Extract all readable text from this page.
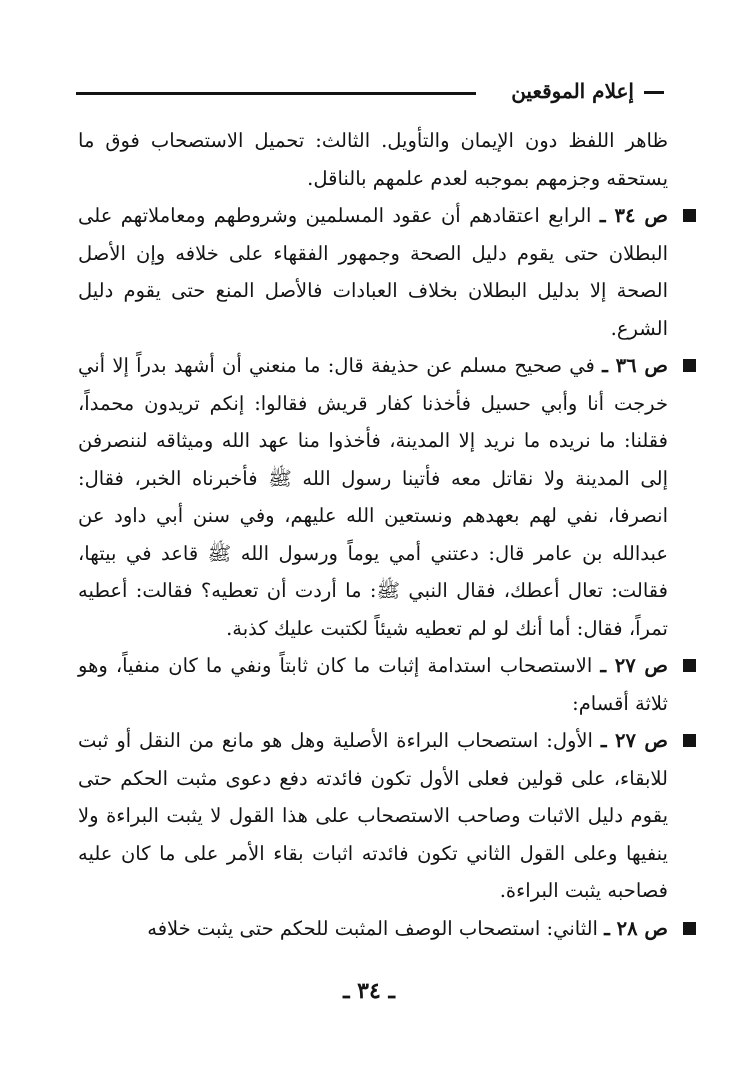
إعلام الموقعين

ظاهر اللفظ دون الإيمان والتأويل. الثالث: تحميل الاستصحاب فوق ما يستحقه وجزمهم بموجبه لعدم علمهم بالناقل.

ص ٣٤ ـ الرابع اعتقادهم أن عقود المسلمين وشروطهم ومعاملاتهم على البطلان حتى يقوم دليل الصحة وجمهور الفقهاء على خلافه وإن الأصل الصحة إلا بدليل البطلان بخلاف العبادات فالأصل المنع حتى يقوم دليل الشرع.

ص ٣٦ ـ في صحيح مسلم عن حذيفة قال: ما منعني أن أشهد بدراً إلا أني خرجت أنا وأبي حسيل فأخذنا كفار قريش فقالوا: إنكم تريدون محمداً، فقلنا: ما نريده ما نريد إلا المدينة، فأخذوا منا عهد الله وميثاقه لننصرفن إلى المدينة ولا نقاتل معه فأتينا رسول الله ﷺ فأخبرناه الخبر، فقال: انصرفا، نفي لهم بعهدهم ونستعين الله عليهم، وفي سنن أبي داود عن عبدالله بن عامر قال: دعتني أمي يوماً ورسول الله ﷺ قاعد في بيتها، فقالت: تعال أعطك، فقال النبي ﷺ: ما أردت أن تعطيه؟ فقالت: أعطيه تمراً، فقال: أما أنك لو لم تعطيه شيئاً لكتبت عليك كذبة.

ص ٢٧ ـ الاستصحاب استدامة إثبات ما كان ثابتاً ونفي ما كان منفياً، وهو ثلاثة أقسام:

ص ٢٧ ـ الأول: استصحاب البراءة الأصلية وهل هو مانع من النقل أو ثبت للابقاء، على قولين فعلى الأول تكون فائدته دفع دعوى مثبت الحكم حتى يقوم دليل الاثبات وصاحب الاستصحاب على هذا القول لا يثبت البراءة ولا ينفيها وعلى القول الثاني تكون فائدته اثبات بقاء الأمر على ما كان عليه فصاحبه يثبت البراءة.

ص ٢٨ ـ الثاني: استصحاب الوصف المثبت للحكم حتى يثبت خلافه

ـ ٣٤ ـ
